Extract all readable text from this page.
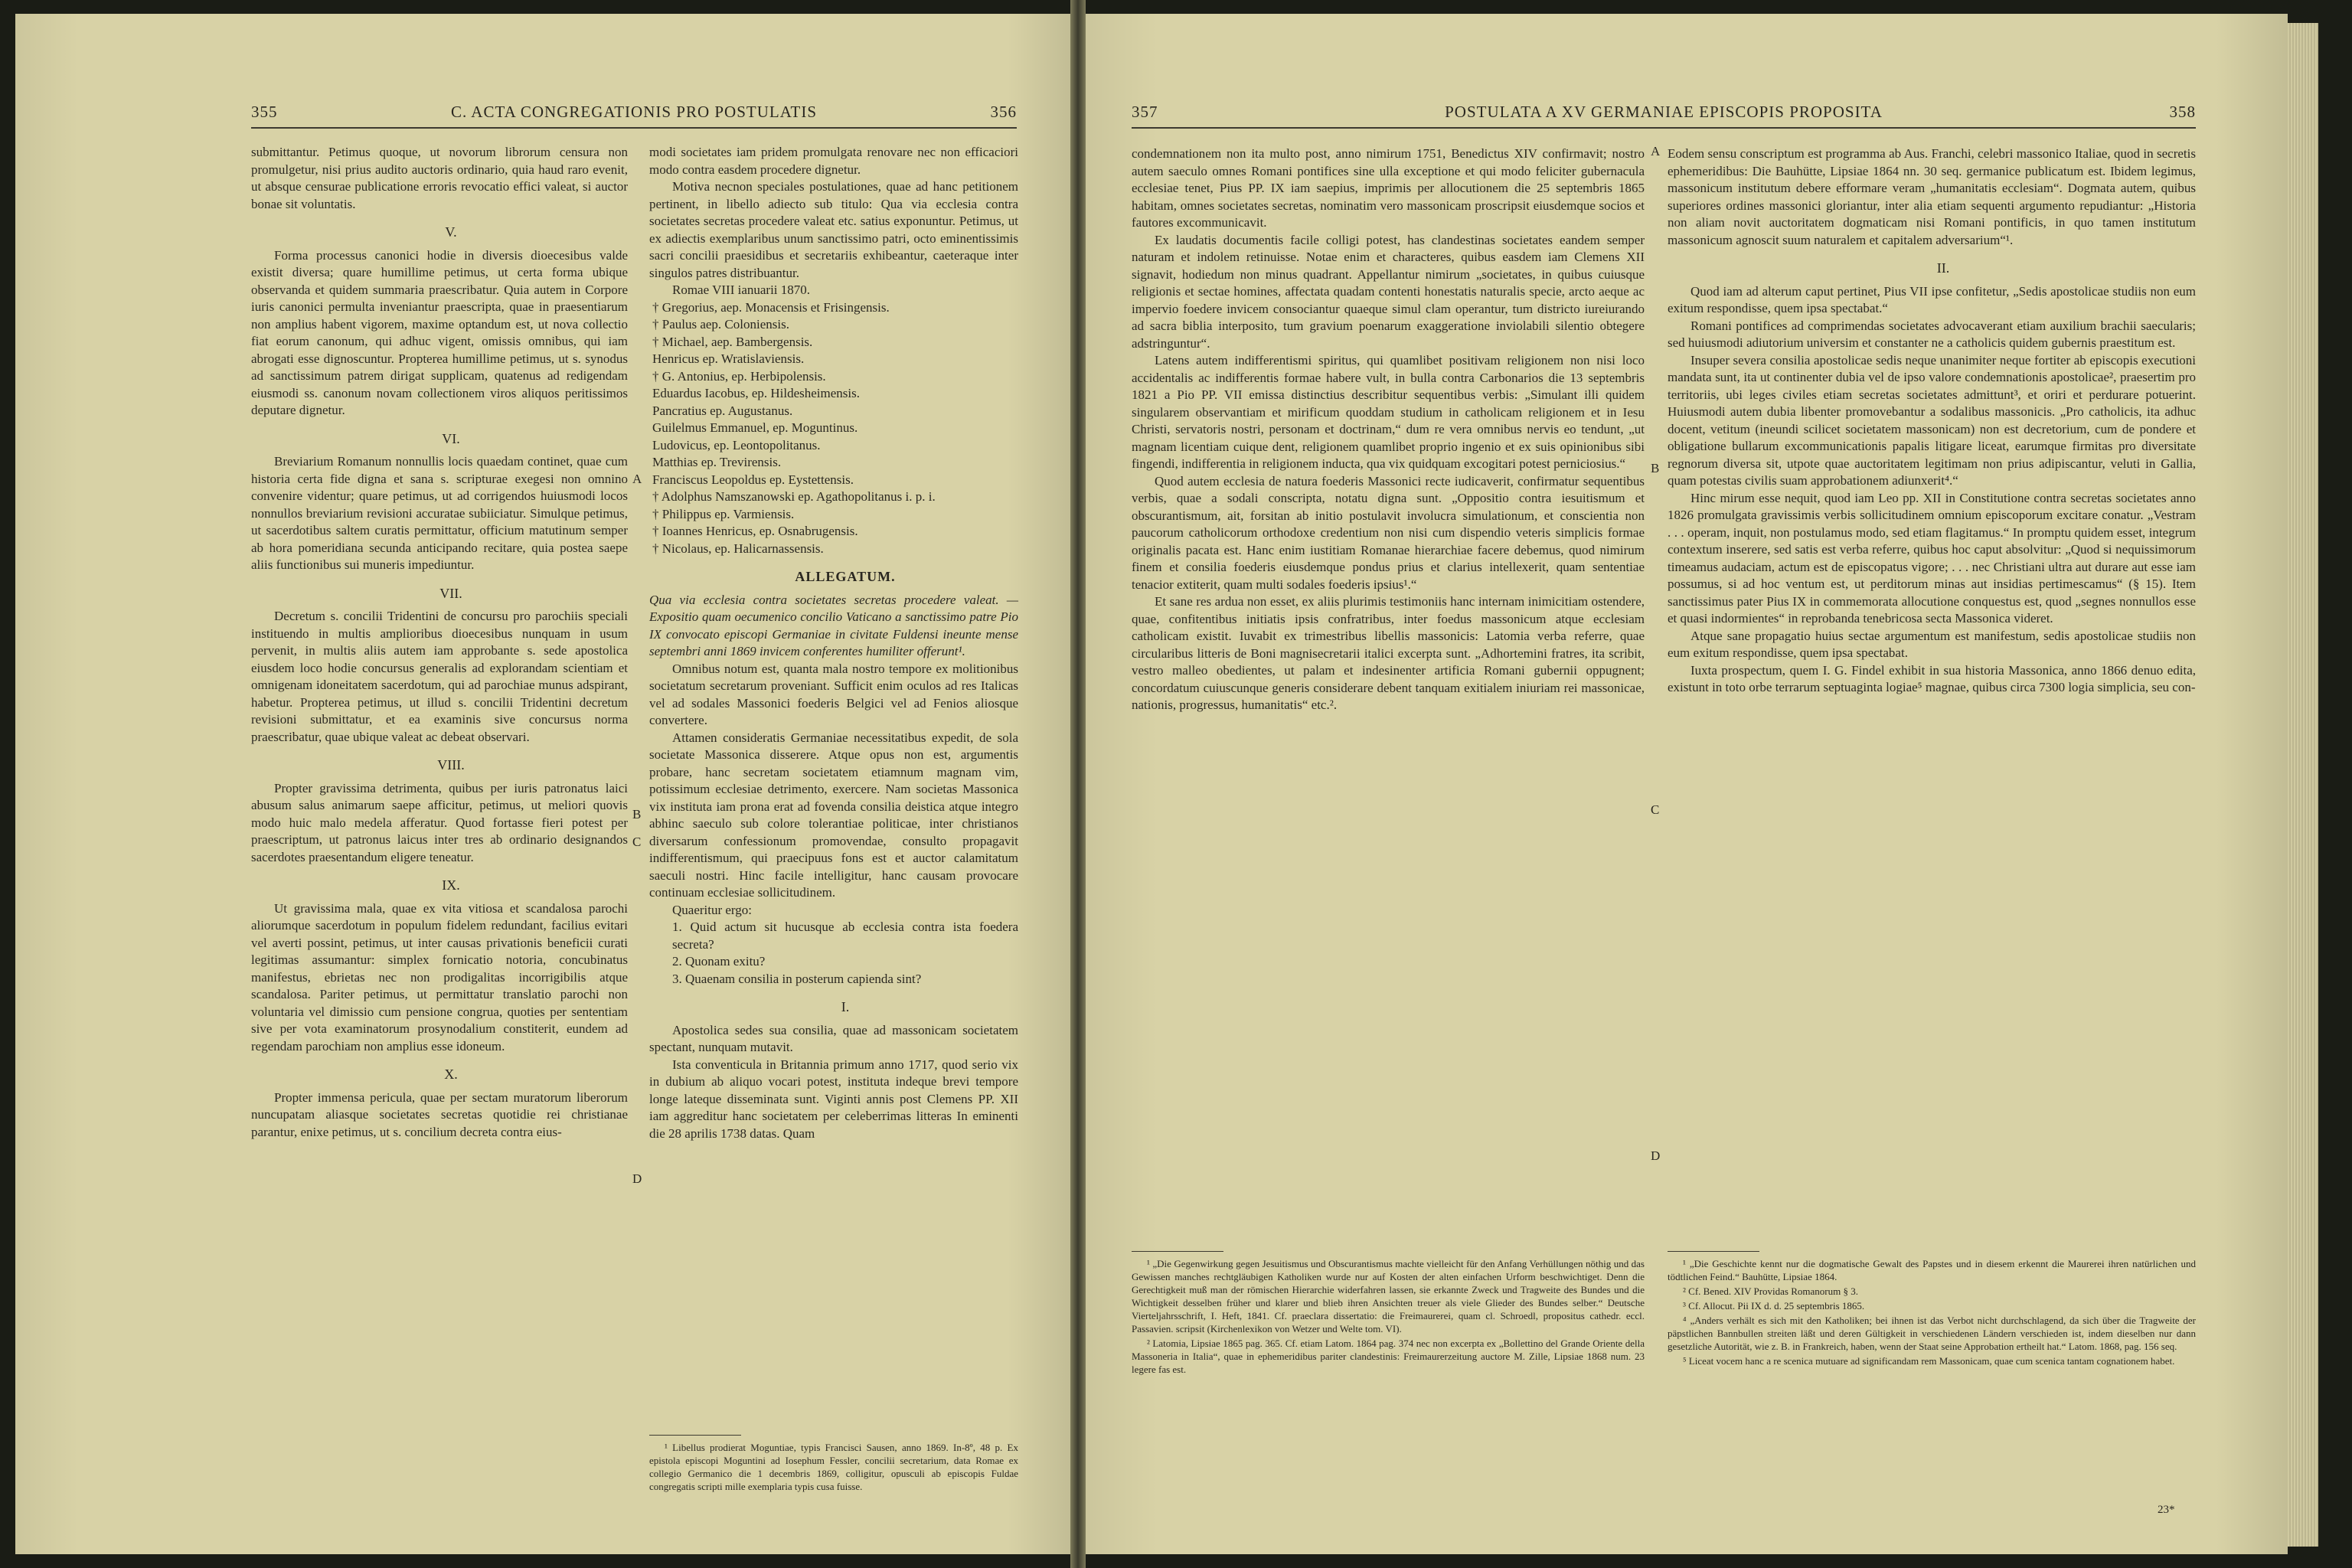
355	C. ACTA CONGREGATIONIS PRO POSTULATIS	356

submittantur. Petimus quoque, ut novorum librorum censura non promulgetur, nisi prius audito auctoris ordinario, quia haud raro evenit, ut absque censurae publicatione erroris revocatio effici valeat, si auctor bonae sit voluntatis.

V.

Forma processus canonici hodie in diversis dioecesibus valde existit diversa; quare humillime petimus, ut certa forma ubique observanda et quidem summaria praescribatur. Quia autem in Corpore iuris canonici permulta inveniantur praescripta, quae in praesentiarum non amplius habent vigorem, maxime optandum est, ut nova collectio fiat eorum canonum, qui adhuc vigent, omissis omnibus, qui iam abrogati esse dignoscuntur. Propterea humillime petimus, ut s. synodus ad sanctissimum patrem dirigat supplicam, quatenus ad redigendam eiusmodi ss. canonum novam collectionem viros aliquos peritissimos deputare dignetur.

VI.

Breviarium Romanum nonnullis locis quaedam continet, quae cum historia certa fide digna et sana s. scripturae exegesi non omnino convenire videntur; quare petimus, ut ad corrigendos huiusmodi locos nonnullos breviarium revisioni accuratae subiiciatur. Simulque petimus, ut sacerdotibus saltem curatis permittatur, officium matutinum semper ab hora pomeridiana secunda anticipando recitare, quia postea saepe aliis functionibus sui muneris impediuntur.

VII.

Decretum s. concilii Tridentini de concursu pro parochiis speciali instituendo in multis amplioribus dioecesibus nunquam in usum pervenit, in multis aliis autem iam approbante s. sede apostolica eiusdem loco hodie concursus generalis ad explorandam scientiam et omnigenam idoneitatem sacerdotum, qui ad parochiae munus adspirant, habetur. Propterea petimus, ut illud s. concilii Tridentini decretum revisioni submittatur, et ea examinis sive concursus norma praescribatur, quae ubique valeat ac debeat observari.

VIII.

Propter gravissima detrimenta, quibus per iuris patronatus laici abusum salus animarum saepe afficitur, petimus, ut meliori quovis modo huic malo medela afferatur. Quod fortasse fieri potest per praescriptum, ut patronus laicus inter tres ab ordinario designandos sacerdotes praesentandum eligere teneatur.

IX.

Ut gravissima mala, quae ex vita vitiosa et scandalosa parochi aliorumque sacerdotum in populum fidelem redundant, facilius evitari vel averti possint, petimus, ut inter causas privationis beneficii curati legitimas assumantur: simplex fornicatio notoria, concubinatus manifestus, ebrietas nec non prodigalitas incorrigibilis atque scandalosa. Pariter petimus, ut permittatur translatio parochi non voluntaria vel dimissio cum pensione congrua, quoties per sententiam sive per vota examinatorum prosynodalium constiterit, eundem ad regendam parochiam non amplius esse idoneum.

X.

Propter immensa pericula, quae per sectam muratorum liberorum nuncupatam aliasque societates secretas quotidie rei christianae parantur, enixe petimus, ut s. concilium decreta contra eius-

modi societates iam pridem promulgata renovare nec non efficaciori modo contra easdem procedere dignetur.

Motiva necnon speciales postulationes, quae ad hanc petitionem pertinent, in libello adiecto sub titulo: Qua via ecclesia contra societates secretas procedere valeat etc. satius exponuntur. Petimus, ut ex adiectis exemplaribus unum sanctissimo patri, octo eminentissimis sacri concilii praesidibus et secretariis exhibeantur, caeteraque inter singulos patres distribuantur.

Romae VIII ianuarii 1870.

† Gregorius, aep. Monacensis et Frisingensis.

† Paulus aep. Coloniensis.

† Michael, aep. Bambergensis.

Henricus ep. Wratislaviensis.

† G. Antonius, ep. Herbipolensis.

Eduardus Iacobus, ep. Hildesheimensis.

Pancratius ep. Augustanus.

Guilelmus Emmanuel, ep. Moguntinus.

Ludovicus, ep. Leontopolitanus.

Matthias ep. Trevirensis.

Franciscus Leopoldus ep. Eystettensis.

† Adolphus Namszanowski ep. Agathopolitanus i. p. i.

† Philippus ep. Varmiensis.

† Ioannes Henricus, ep. Osnabrugensis.

† Nicolaus, ep. Halicarnassensis.

ALLEGATUM.

Qua via ecclesia contra societates secretas procedere valeat. — Expositio quam oecumenico concilio Vaticano a sanctissimo patre Pio IX convocato episcopi Germaniae in civitate Fuldensi ineunte mense septembri anni 1869 invicem conferentes humiliter offerunt¹.

Omnibus notum est, quanta mala nostro tempore ex molitionibus societatum secretarum proveniant. Sufficit enim oculos ad res Italicas vel ad sodales Massonici foederis Belgici vel ad Fenios aliosque convertere.

Attamen consideratis Germaniae necessitatibus expedit, de sola societate Massonica disserere. Atque opus non est, argumentis probare, hanc secretam societatem etiamnum magnam vim, potissimum ecclesiae detrimento, exercere. Nam societas Massonica vix instituta iam prona erat ad fovenda consilia deistica atque integro abhinc saeculo sub colore tolerantiae politicae, inter christianos diversarum confessionum promovendae, consulto propagavit indifferentismum, qui praecipuus fons est et auctor calamitatum saeculi nostri. Hinc facile intelligitur, hanc causam provocare continuam ecclesiae sollicitudinem.

Quaeritur ergo:

1. Quid actum sit hucusque ab ecclesia contra ista foedera secreta?

2. Quonam exitu?

3. Quaenam consilia in posterum capienda sint?

I.

Apostolica sedes sua consilia, quae ad massonicam societatem spectant, nunquam mutavit.

Ista conventicula in Britannia primum anno 1717, quod serio vix in dubium ab aliquo vocari potest, instituta indeque brevi tempore longe lateque disseminata sunt. Viginti annis post Clemens PP. XII iam aggreditur hanc societatem per celeberrimas litteras In eminenti die 28 aprilis 1738 datas. Quam

¹ Libellus prodierat Moguntiae, typis Francisci Sausen, anno 1869. In-8º, 48 p. Ex epistola episcopi Moguntini ad Iosephum Fessler, concilii secretarium, data Romae ex collegio Germanico die 1 decembris 1869, colligitur, opusculi ab episcopis Fuldae congregatis scripti mille exemplaria typis cusa fuisse.

A
B
C
D
357	POSTULATA A XV GERMANIAE EPISCOPIS PROPOSITA	358

condemnationem non ita multo post, anno nimirum 1751, Benedictus XIV confirmavit; nostro autem saeculo omnes Romani pontifices sine ulla exceptione et qui modo feliciter gubernacula ecclesiae tenet, Pius PP. IX iam saepius, imprimis per allocutionem die 25 septembris 1865 habitam, omnes societates secretas, nominatim vero massonicam proscripsit eiusdemque socios et fautores excommunicavit.

Ex laudatis documentis facile colligi potest, has clandestinas societates eandem semper naturam et indolem retinuisse. Notae enim et characteres, quibus easdem iam Clemens XII signavit, hodiedum non minus quadrant. Appellantur nimirum „societates, in quibus cuiusque religionis et sectae homines, affectata quadam contenti honestatis naturalis specie, arcto aeque ac impervio foedere invicem consociantur quaeque simul clam operantur, tum districto iureiurando ad sacra biblia interposito, tum gravium poenarum exaggeratione inviolabili silentio obtegere adstringuntur“.

Latens autem indifferentismi spiritus, qui quamlibet positivam religionem non nisi loco accidentalis ac indifferentis formae habere vult, in bulla contra Carbonarios die 13 septembris 1821 a Pio PP. VII emissa distinctius describitur sequentibus verbis: „Simulant illi quidem singularem observantiam et mirificum quoddam studium in catholicam religionem et in Iesu Christi, servatoris nostri, personam et doctrinam,“ dum re vera omnibus nervis eo tendunt, „ut magnam licentiam cuique dent, religionem quamlibet proprio ingenio et ex suis opinionibus sibi fingendi, indifferentia in religionem inducta, qua vix quidquam excogitari potest perniciosius.“

Quod autem ecclesia de natura foederis Massonici recte iudicaverit, confirmatur sequentibus verbis, quae a sodali conscripta, notatu digna sunt. „Oppositio contra iesuitismum et obscurantismum, ait, forsitan ab initio postulavit involucra simulationum, et conscientia non paucorum catholicorum orthodoxe credentium non nisi cum dispendio veteris simplicis formae originalis pacata est. Hanc enim iustitiam Romanae hierarchiae facere debemus, quod nimirum finem et consilia foederis eiusdemque pondus prius et clarius intellexerit, quam sententiae tenacior extiterit, quam multi sodales foederis ipsius¹.“

Et sane res ardua non esset, ex aliis plurimis testimoniis hanc internam inimicitiam ostendere, quae, confitentibus initiatis ipsis confratribus, inter foedus massonicum atque ecclesiam catholicam existit. Iuvabit ex trimestribus libellis massonicis: Latomia verba referre, quae circularibus litteris de Boni magnisecretarii italici excerpta sunt. „Adhortemini fratres, ita scribit, vestro malleo obedientes, ut palam et indesinenter artificia Romani gubernii oppugnent; concordatum cuiuscunque generis considerare debent tanquam exitialem iniuriam rei massonicae, nationis, progressus, humanitatis“ etc.².

Eodem sensu conscriptum est programma ab Aus. Franchi, celebri massonico Italiae, quod in secretis ephemeridibus: Die Bauhütte, Lipsiae 1864 nn. 30 seq. germanice publicatum est. Ibidem legimus, massonicum institutum debere efformare veram „humanitatis ecclesiam“. Dogmata autem, quibus superiores ordines massonici gloriantur, inter alia etiam sequenti argumento repudiantur: „Historia non aliam novit auctoritatem dogmaticam nisi Romani pontificis, in quo tamen institutum massonicum agnoscit suum naturalem et capitalem adversarium“¹.

II.

Quod iam ad alterum caput pertinet, Pius VII ipse confitetur, „Sedis apostolicae studiis non eum exitum respondisse, quem ipsa spectabat.“

Romani pontifices ad comprimendas societates advocaverant etiam auxilium brachii saecularis; sed huiusmodi adiutorium universim et constanter ne a catholicis quidem gubernis praestitum est.

Insuper severa consilia apostolicae sedis neque unanimiter neque fortiter ab episcopis executioni mandata sunt, ita ut continenter dubia vel de ipso valore condemnationis apostolicae², praesertim pro territoriis, ubi leges civiles etiam secretas societates admittunt³, et oriri et perdurare potuerint. Huiusmodi autem dubia libenter promovebantur a sodalibus massonicis. „Pro catholicis, ita adhuc docent, vetitum (ineundi scilicet societatem massonicam) non est decretorium, cum de pondere et obligatione bullarum excommunicationis papalis litigare liceat, earumque firmitas pro diversitate regnorum diversa sit, utpote quae auctoritatem legitimam non prius adipiscantur, veluti in Gallia, quam potestas civilis suam approbationem adiunxerit⁴.“

Hinc mirum esse nequit, quod iam Leo pp. XII in Constitutione contra secretas societates anno 1826 promulgata gravissimis verbis sollicitudinem omnium episcoporum excitare conatur. „Vestram . . . operam, inquit, non postulamus modo, sed etiam flagitamus.“ In promptu quidem esset, integrum contextum inserere, sed satis est verba referre, quibus hoc caput absolvitur: „Quod si nequissimorum timeamus audaciam, actum est de episcopatus vigore; . . . nec Christiani ultra aut durare aut esse iam possumus, si ad hoc ventum est, ut perditorum minas aut insidias pertimescamus“ (§ 15). Item sanctissimus pater Pius IX in commemorata allocutione conquestus est, quod „segnes nonnullos esse et quasi indormientes“ in reprobanda tenebricosa secta Massonica videret.

Atque sane propagatio huius sectae argumentum est manifestum, sedis apostolicae studiis non eum exitum respondisse, quem ipsa spectabat.

Iuxta prospectum, quem I. G. Findel exhibit in sua historia Massonica, anno 1866 denuo edita, existunt in toto orbe terrarum septuaginta logiae⁵ magnae, quibus circa 7300 logia simplicia, seu con-

¹ „Die Gegenwirkung gegen Jesuitismus und Obscurantismus machte vielleicht für den Anfang Verhüllungen nöthig und das Gewissen manches rechtgläubigen Katholiken wurde nur auf Kosten der alten einfachen Urform beschwichtiget. Denn die Gerechtigkeit muß man der römischen Hierarchie widerfahren lassen, sie erkannte Zweck und Tragweite des Bundes und die Wichtigkeit desselben früher und klarer und blieb ihren Ansichten treuer als viele Glieder des Bundes selber.“ Deutsche Vierteljahrsschrift, I. Heft, 1841. Cf. praeclara dissertatio: die Freimaurerei, quam cl. Schroedl, propositus cathedr. eccl. Passavien. scripsit (Kirchenlexikon von Wetzer und Welte tom. VI).

² Latomia, Lipsiae 1865 pag. 365. Cf. etiam Latom. 1864 pag. 374 nec non excerpta ex „Bollettino del Grande Oriente della Massoneria in Italia“, quae in ephemeridibus pariter clandestinis: Freimaurerzeitung auctore M. Zille, Lipsiae 1868 num. 23 legere fas est.

¹ „Die Geschichte kennt nur die dogmatische Gewalt des Papstes und in diesem erkennt die Maurerei ihren natürlichen und tödtlichen Feind.“ Bauhütte, Lipsiae 1864.

² Cf. Bened. XIV Providas Romanorum § 3.

³ Cf. Allocut. Pii IX d. d. 25 septembris 1865.

⁴ „Anders verhält es sich mit den Katholiken; bei ihnen ist das Verbot nicht durchschlagend, da sich über die Tragweite der päpstlichen Bannbullen streiten läßt und deren Gültigkeit in verschiedenen Ländern verschieden ist, indem dieselben nur dann gesetzliche Autorität, wie z. B. in Frankreich, haben, wenn der Staat seine Approbation ertheilt hat.“ Latom. 1868, pag. 156 seq.

⁵ Liceat vocem hanc a re scenica mutuare ad significandam rem Massonicam, quae cum scenica tantam cognationem habet.

23*
A
B
C
D
